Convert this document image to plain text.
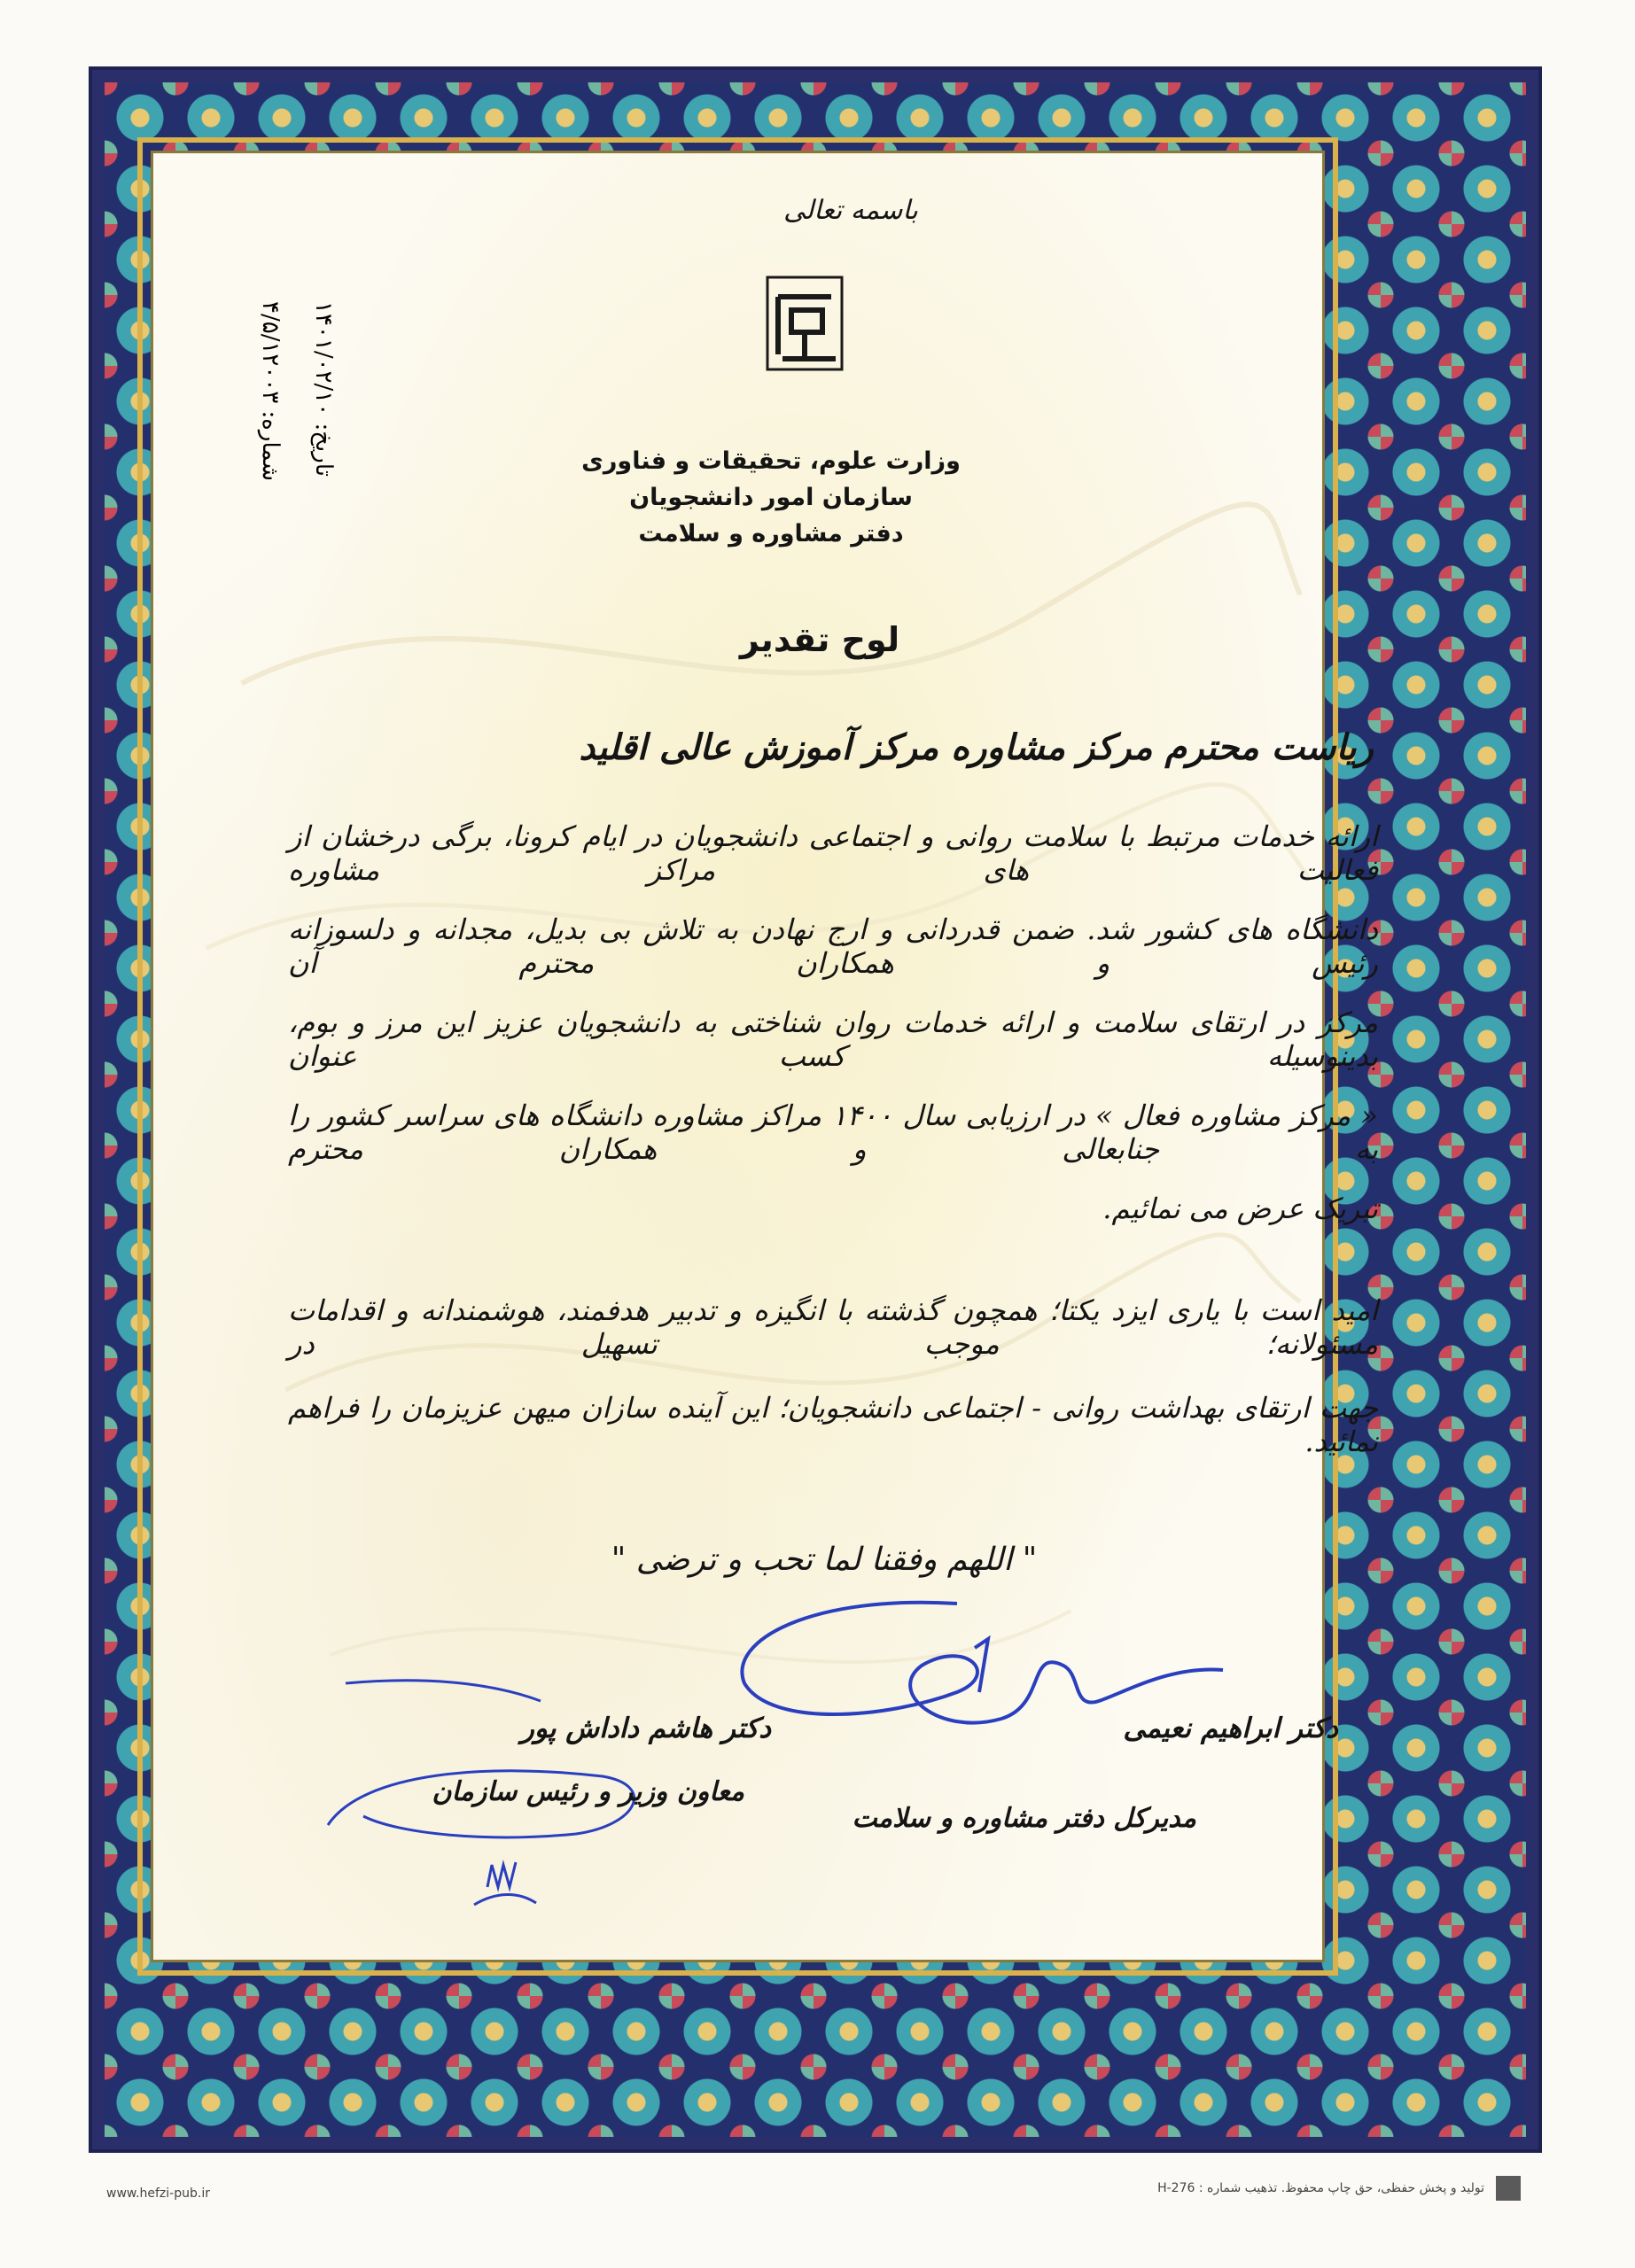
باسمه تعالی
وزارت علوم، تحقیقات و فناوری
سازمان امور دانشجویان
دفتر مشاوره و سلامت
شماره: ۴/۵/۱۲۰۰۳
تاریخ: ۱۴۰۱/۰۲/۱۰
لوح تقدیر
ریاست محترم مرکز مشاوره مرکز آموزش عالی اقلید
ارائه خدمات مرتبط با سلامت روانی و اجتماعی دانشجویان در ایام کرونا، برگی درخشان از فعالیت های مراکز مشاوره
دانشگاه های کشور شد. ضمن قدردانی و ارج نهادن به تلاش بی بدیل، مجدانه و دلسوزانه رئیس و همکاران محترم آن
مرکز در ارتقای سلامت و ارائه خدمات روان شناختی به دانشجویان عزیز این مرز و بوم، بدینوسیله کسب عنوان
« مرکز مشاوره فعال » در ارزیابی سال ۱۴۰۰ مراکز مشاوره دانشگاه های سراسر کشور را به جنابعالی و همکاران محترم
تبریک عرض می نمائیم.
امید است با یاری ایزد یکتا؛ همچون گذشته با انگیزه و تدبیر هدفمند، هوشمندانه و اقدامات مسئولانه؛ موجب تسهیل در
جهت ارتقای بهداشت روانی - اجتماعی دانشجویان؛ این آینده سازان میهن عزیزمان را فراهم نمائید.
" اللهم وفقنا لما تحب و ترضی "
دکتر ابراهیم نعیمی
مدیرکل دفتر مشاوره و سلامت
دکتر هاشم داداش پور
معاون وزیر و رئیس سازمان
www.hefzi-pub.ir	تولید و پخش حفظی، حق چاپ محفوظ. تذهیب شماره : H-276
